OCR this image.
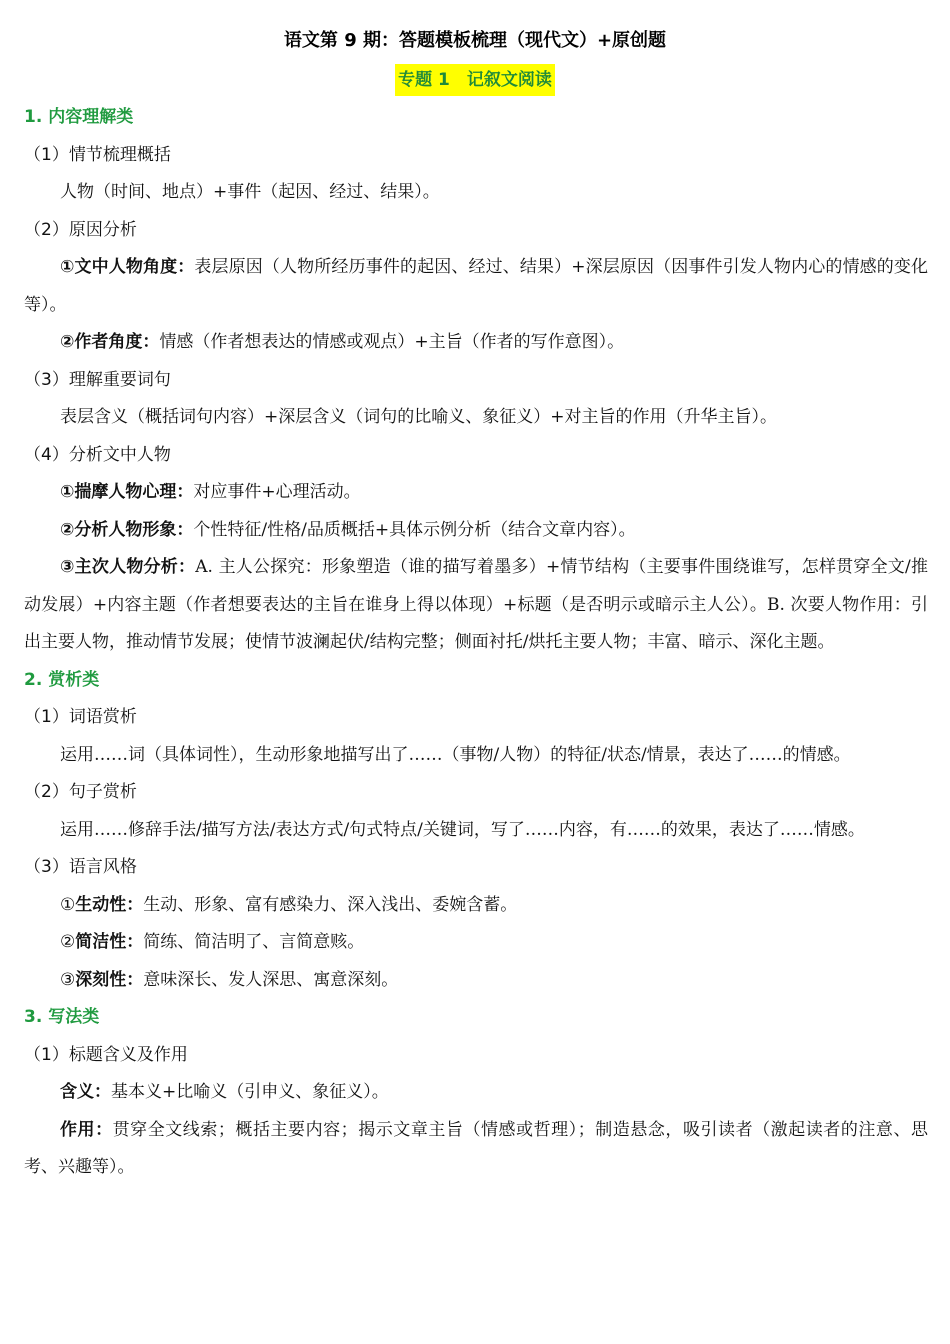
语文第 9 期：答题模板梳理（现代文）+原创题
专题 1　记叙文阅读

1. 内容理解类

（1）情节梳理概括

人物（时间、地点）+事件（起因、经过、结果）。

（2）原因分析

①文中人物角度：表层原因（人物所经历事件的起因、经过、结果）+深层原因（因事件引发人物内心的情感的变化等）。

②作者角度：情感（作者想表达的情感或观点）+主旨（作者的写作意图）。

（3）理解重要词句

表层含义（概括词句内容）+深层含义（词句的比喻义、象征义）+对主旨的作用（升华主旨）。

（4）分析文中人物

①揣摩人物心理：对应事件+心理活动。

②分析人物形象：个性特征/性格/品质概括+具体示例分析（结合文章内容）。

③主次人物分析：A. 主人公探究：形象塑造（谁的描写着墨多）+情节结构（主要事件围绕谁写，怎样贯穿全文/推动发展）+内容主题（作者想要表达的主旨在谁身上得以体现）+标题（是否明示或暗示主人公）。B. 次要人物作用：引出主要人物，推动情节发展；使情节波澜起伏/结构完整；侧面衬托/烘托主要人物；丰富、暗示、深化主题。

2. 赏析类

（1）词语赏析

运用……词（具体词性），生动形象地描写出了……（事物/人物）的特征/状态/情景，表达了……的情感。

（2）句子赏析

运用……修辞手法/描写方法/表达方式/句式特点/关键词，写了……内容，有……的效果，表达了……情感。

（3）语言风格

①生动性：生动、形象、富有感染力、深入浅出、委婉含蓄。

②简洁性：简练、简洁明了、言简意赅。

③深刻性：意味深长、发人深思、寓意深刻。

3. 写法类

（1）标题含义及作用

含义：基本义+比喻义（引申义、象征义）。

作用：贯穿全文线索；概括主要内容；揭示文章主旨（情感或哲理）；制造悬念，吸引读者（激起读者的注意、思考、兴趣等）。
